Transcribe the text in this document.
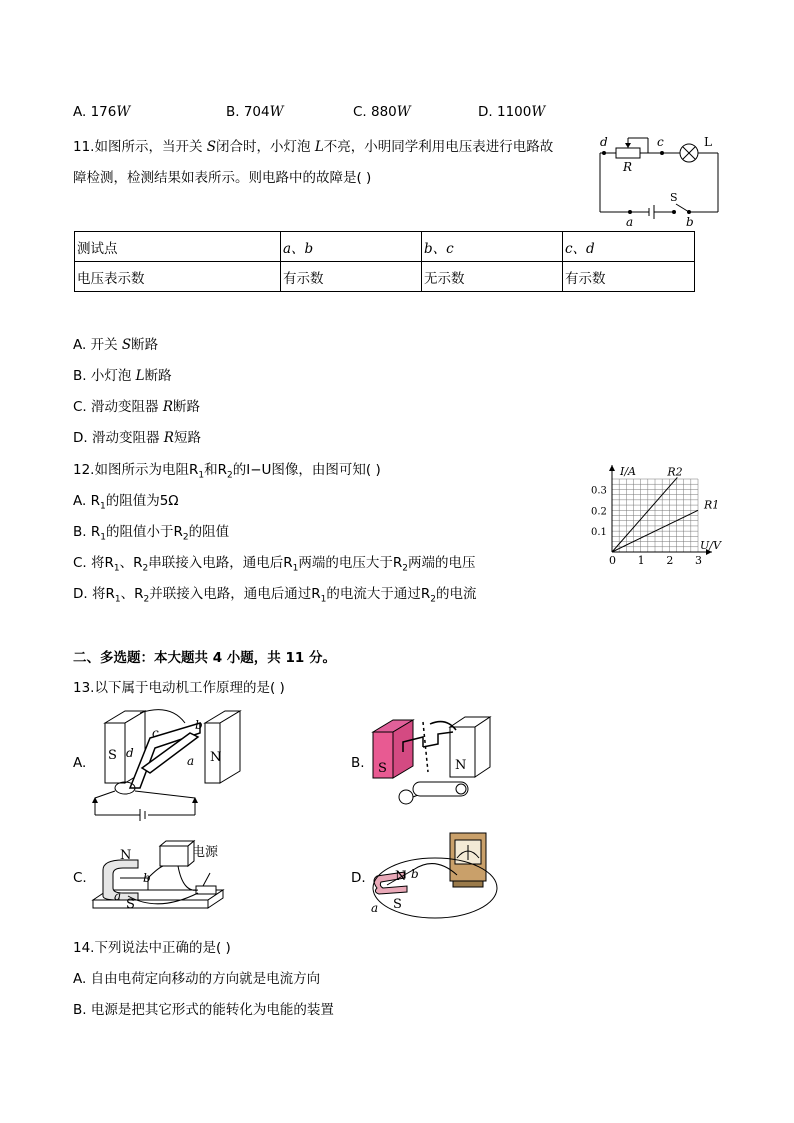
A. 176W	B. 704W	C. 880W	D. 1100W
11.如图所示，当开关 S闭合时，小灯泡 L不亮，小明同学利用电压表进行电路故
障检测，检测结果如表所示。则电路中的故障是( )
d	c	L
R
S
a	b
测试点	a、b	b、c	c、d
电压表示数	有示数	无示数	有示数
A. 开关 S断路
B. 小灯泡 L断路
C. 滑动变阻器 R断路
D. 滑动变阻器 R短路
12.如图所示为电阻$R_1$和$R_2$的I−U图像，由图可知( )
A. $R_1$的阻值为5Ω
B. $R_1$的阻值小于$R_2$的阻值
C. 将$R_1$、$R_2$串联接入电路，通电后$R_1$两端的电压大于$R_2$两端的电压
D. 将$R_1$、$R_2$并联接入电路，通电后通过$R_1$的电流大于通过$R_2$的电流
0 1 2 3
0.1
0.2
0.3
I/A
U/V
R2
R1
二、多选题：本大题共 4 小题，共 11 分。
13.以下属于电动机工作原理的是( )
A.	B.
C.	D.
S	N
c
b
d
a	S	N
N
S
b
a
电源
N
S
b
a
14.下列说法中正确的是( )
A. 自由电荷定向移动的方向就是电流方向
B. 电源是把其它形式的能转化为电能的装置
